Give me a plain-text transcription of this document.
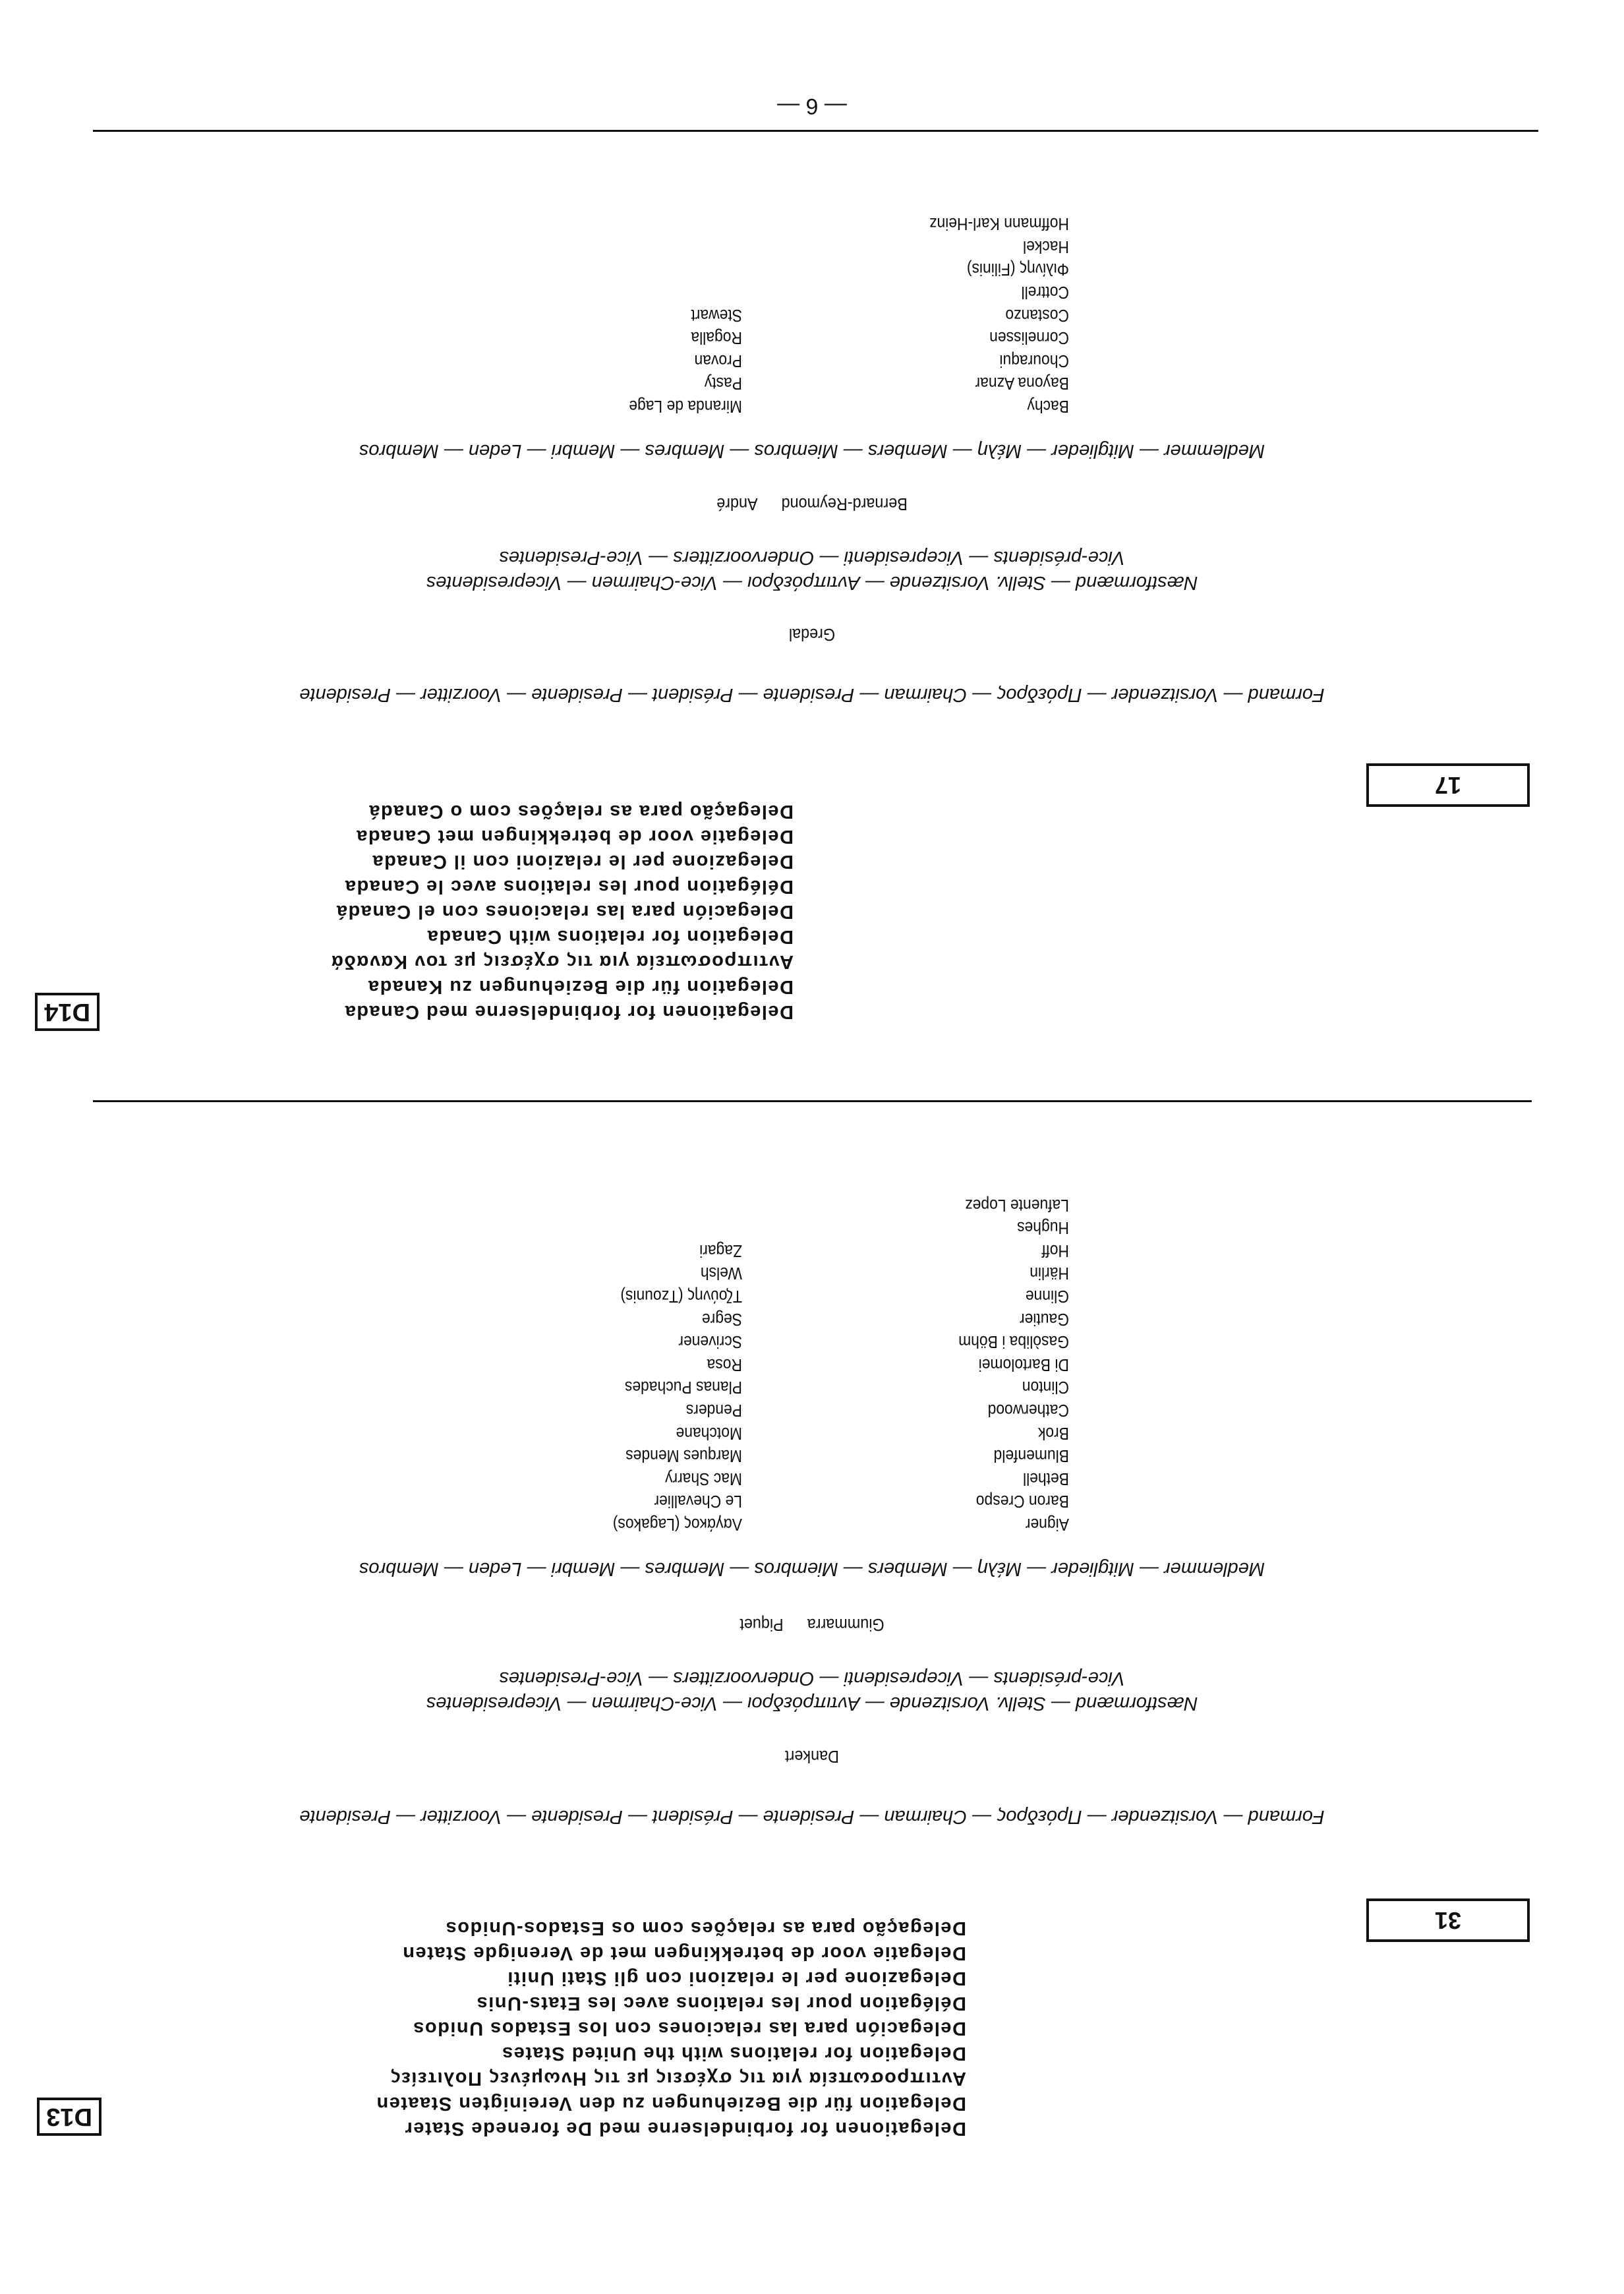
— 6 —
D13	Delegationen for forbindelserne med De forenede Stater
Delegation für die Beziehungen zu den Vereinigten Staaten
Αντιπροσωπεία για τις σχέσεις με τις Ηνωμένες Πολιτείες
Delegation for relations with the United States
Delegación para las relaciones con los Estados Unidos
Délégation pour les relations avec les Etats-Unis
Delegazione per le relazioni con gli Stati Uniti
Delegatie voor de betrekkingen met de Verenigde Staten
Delegação para as relações com os Estados-Unidos	31
Formand — Vorsitzender — Πρόεδρος — Chairman — Presidente — Président — Presidente — Voorzitter — Presidente
Dankert
Næstformænd — Stellv. Vorsitzende — Αντιπρόεδροι — Vice-Chairmen — Vicepresidentes
Vice-présidents — Vicepresidenti — Ondervoorzitters — Vice-Presidentes
GiummarraPiquet
Medlemmer — Mitglieder — Μέλη — Members — Miembros — Membres — Membri — Leden — Membros
Aigner
Baron Crespo
Bethell
Blumenfeld
Brok
Catherwood
Clinton
Di Bartolomei
Gasòliba i Böhm
Gautier
Glinne
Härlin
Hoff
Hughes
Lafuente Lopez
Λαγάκος (Lagakos)
Le Chevallier
Mac Sharry
Marques Mendes
Motchane
Penders
Planas Puchades
Rosa
Scrivener
Segre
Τζούνης (Tzounis)
Welsh
Zagari
D14	Delegationen for forbindelserne med Canada
Delegation für die Beziehungen zu Kanada
Αντιπροσωπεία για τις σχέσεις με τον Καναδά
Delegation for relations with Canada
Delegación para las relaciones con el Canadá
Délégation pour les relations avec le Canada
Delegazione per le relazioni con il Canada
Delegatie voor de betrekkingen met Canada
Delegação para as relações com o Canadá
17
Formand — Vorsitzender — Πρόεδρος — Chairman — Presidente — Président — Presidente — Voorzitter — Presidente
Gredal
Næstformænd — Stellv. Vorsitzende — Αντιπρόεδροι — Vice-Chairmen — Vicepresidentes
Vice-présidents — Vicepresidenti — Ondervoorzitters — Vice-Presidentes
Bernard-ReymondAndré
Medlemmer — Mitglieder — Μέλη — Members — Miembros — Membres — Membri — Leden — Membros
Bachy
Bayona Aznar
Chouraqui
Cornelissen
Costanzo
Cottrell
Φιλίνης (Filinis)
Hackel
Hoffmann Karl-Heinz
Miranda de Lage
Pasty
Provan
Rogalla
Stewart
